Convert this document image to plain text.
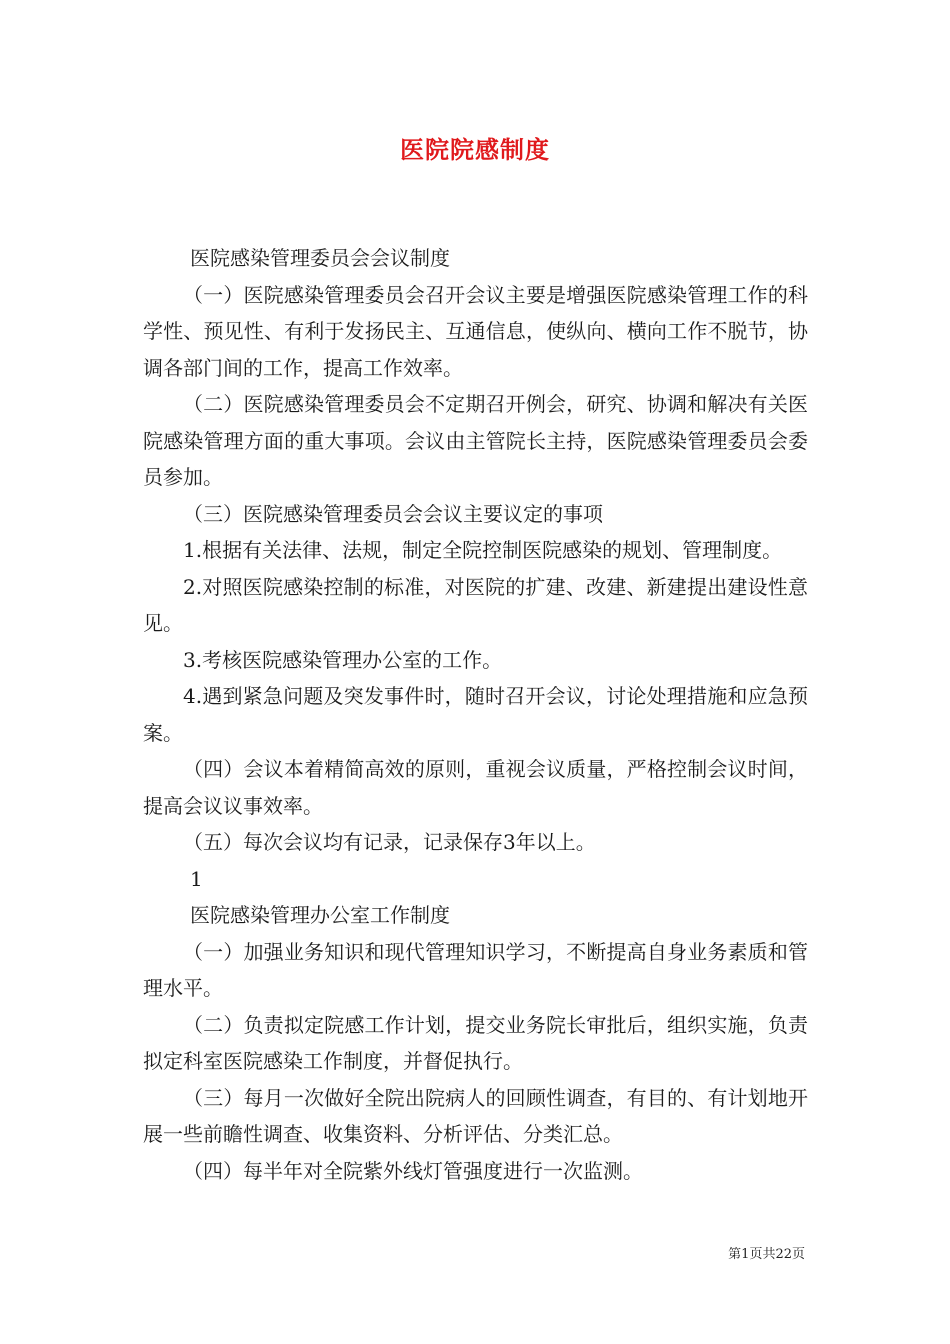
医院院感制度

医院感染管理委员会会议制度

（一）医院感染管理委员会召开会议主要是增强医院感染管理工作的科学性、预见性、有利于发扬民主、互通信息，使纵向、横向工作不脱节，协调各部门间的工作，提高工作效率。

（二）医院感染管理委员会不定期召开例会，研究、协调和解决有关医院感染管理方面的重大事项。会议由主管院长主持，医院感染管理委员会委员参加。

（三）医院感染管理委员会会议主要议定的事项

1.根据有关法律、法规，制定全院控制医院感染的规划、管理制度。

2.对照医院感染控制的标准，对医院的扩建、改建、新建提出建设性意见。

3.考核医院感染管理办公室的工作。

4.遇到紧急问题及突发事件时，随时召开会议，讨论处理措施和应急预案。

（四）会议本着精简高效的原则，重视会议质量，严格控制会议时间，提高会议议事效率。

（五）每次会议均有记录，记录保存3年以上。

1

医院感染管理办公室工作制度

（一）加强业务知识和现代管理知识学习，不断提高自身业务素质和管理水平。

（二）负责拟定院感工作计划，提交业务院长审批后，组织实施，负责拟定科室医院感染工作制度，并督促执行。

（三）每月一次做好全院出院病人的回顾性调查，有目的、有计划地开展一些前瞻性调查、收集资料、分析评估、分类汇总。

（四）每半年对全院紫外线灯管强度进行一次监测。

第1页共22页
